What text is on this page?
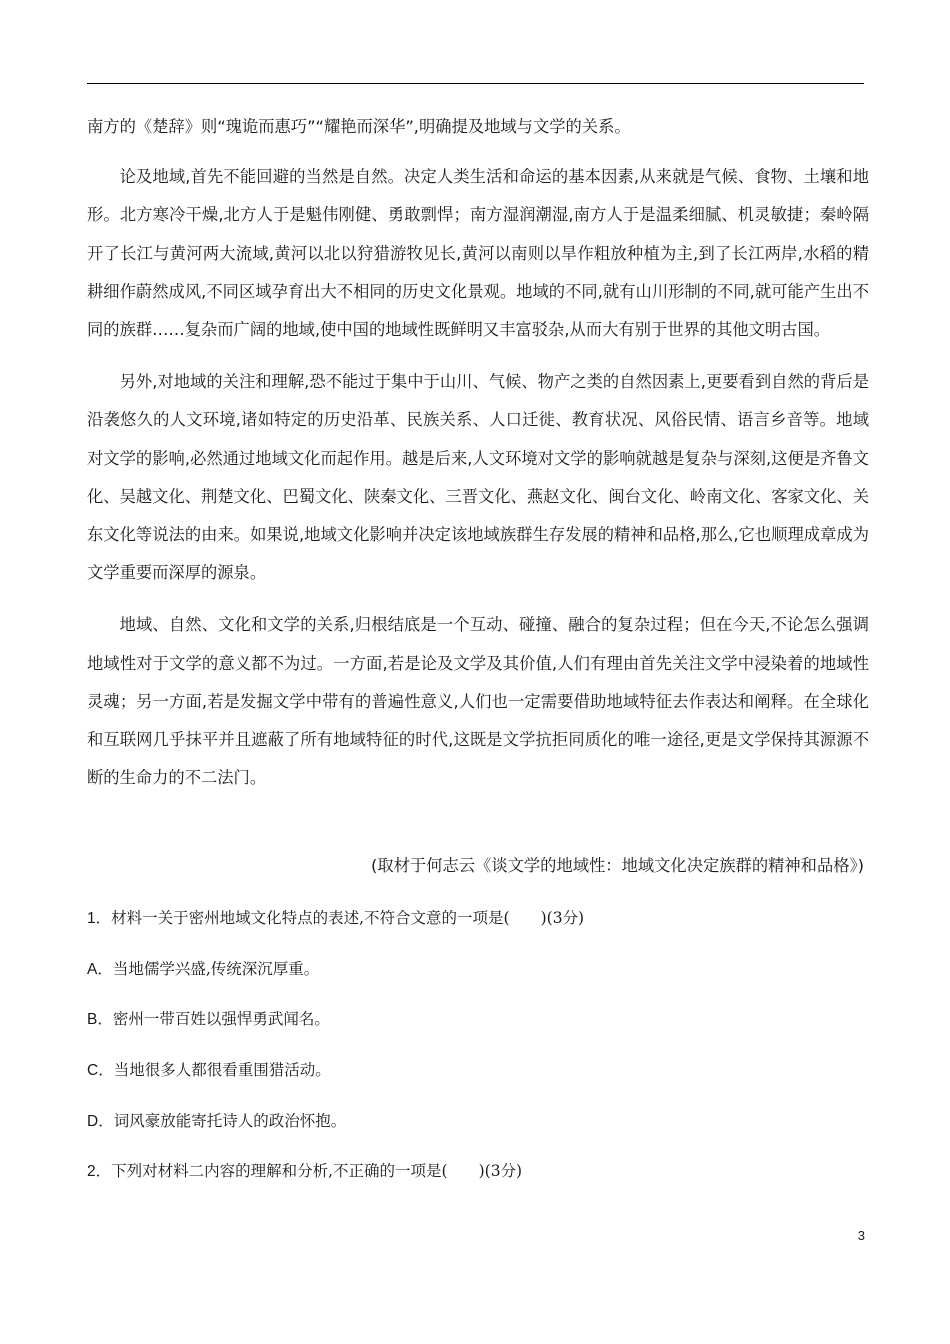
南方的《楚辞》则“瑰诡而惠巧”“耀艳而深华”,明确提及地域与文学的关系。

论及地域,首先不能回避的当然是自然。决定人类生活和命运的基本因素,从来就是气候、食物、土壤和地形。北方寒冷干燥,北方人于是魁伟刚健、勇敢剽悍；南方湿润潮湿,南方人于是温柔细腻、机灵敏捷；秦岭隔开了长江与黄河两大流域,黄河以北以狩猎游牧见长,黄河以南则以旱作粗放种植为主,到了长江两岸,水稻的精耕细作蔚然成风,不同区域孕育出大不相同的历史文化景观。地域的不同,就有山川形制的不同,就可能产生出不同的族群……复杂而广阔的地域,使中国的地域性既鲜明又丰富驳杂,从而大有别于世界的其他文明古国。

另外,对地域的关注和理解,恐不能过于集中于山川、气候、物产之类的自然因素上,更要看到自然的背后是沿袭悠久的人文环境,诸如特定的历史沿革、民族关系、人口迁徙、教育状况、风俗民情、语言乡音等。地域对文学的影响,必然通过地域文化而起作用。越是后来,人文环境对文学的影响就越是复杂与深刻,这便是齐鲁文化、吴越文化、荆楚文化、巴蜀文化、陕秦文化、三晋文化、燕赵文化、闽台文化、岭南文化、客家文化、关东文化等说法的由来。如果说,地域文化影响并决定该地域族群生存发展的精神和品格,那么,它也顺理成章成为文学重要而深厚的源泉。

地域、自然、文化和文学的关系,归根结底是一个互动、碰撞、融合的复杂过程；但在今天,不论怎么强调地域性对于文学的意义都不为过。一方面,若是论及文学及其价值,人们有理由首先关注文学中浸染着的地域性灵魂；另一方面,若是发掘文学中带有的普遍性意义,人们也一定需要借助地域特征去作表达和阐释。在全球化和互联网几乎抹平并且遮蔽了所有地域特征的时代,这既是文学抗拒同质化的唯一途径,更是文学保持其源源不断的生命力的不二法门。

(取材于何志云《谈文学的地域性：地域文化决定族群的精神和品格》)
1．材料一关于密州地域文化特点的表述,不符合文意的一项是(　　)(3分)
A．当地儒学兴盛,传统深沉厚重。
B．密州一带百姓以强悍勇武闻名。
C．当地很多人都很看重围猎活动。
D．词风豪放能寄托诗人的政治怀抱。
2．下列对材料二内容的理解和分析,不正确的一项是(　　)(3分)
3
